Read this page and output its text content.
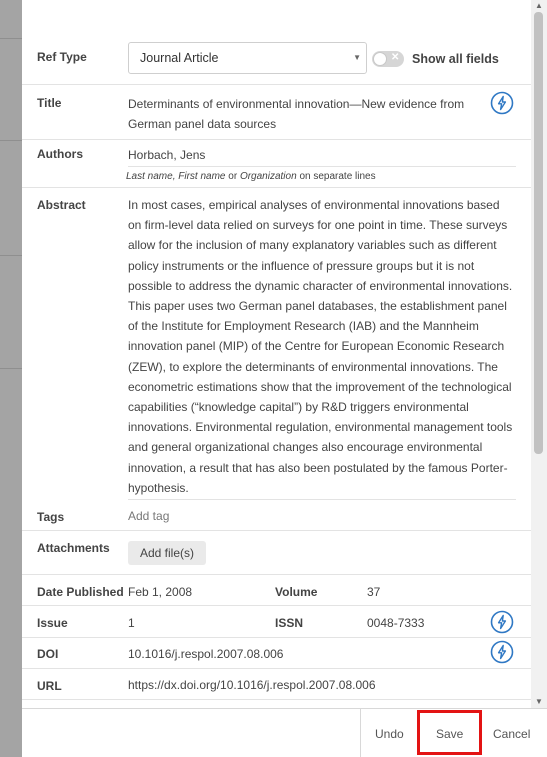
Ref Type	Journal Article	▼	✕ Show all fields
Title	Determinants of environmental innovation—New evidence from
German panel data sources
Authors	Horbach, Jens
Last name, First name or Organization on separate lines
Abstract	In most cases, empirical analyses of environmental innovations based on firm-level data relied on surveys for one point in time. These surveys allow for the inclusion of many explanatory variables such as different policy instruments or the influence of pressure groups but it is not possible to address the dynamic character of environmental innovations. This paper uses two German panel databases, the establishment panel of the Institute for Employment Research (IAB) and the Mannheim innovation panel (MIP) of the Centre for European Economic Research (ZEW), to explore the determinants of environmental innovations. The econometric estimations show that the improvement of the technological capabilities (“knowledge capital”) by R&D triggers environmental innovations. Environmental regulation, environmental management tools and general organizational changes also encourage environmental innovation, a result that has also been postulated by the famous Porter-hypothesis.
Tags	Add tag
Attachments	Add file(s)
Date Published Feb 1, 2008	Volume	37
Issue	1	ISSN	0048-7333
DOI	10.1016/j.respol.2007.08.006
URL	https://dx.doi.org/10.1016/j.respol.2007.08.006
▲
▼
Undo	Save Cancel
